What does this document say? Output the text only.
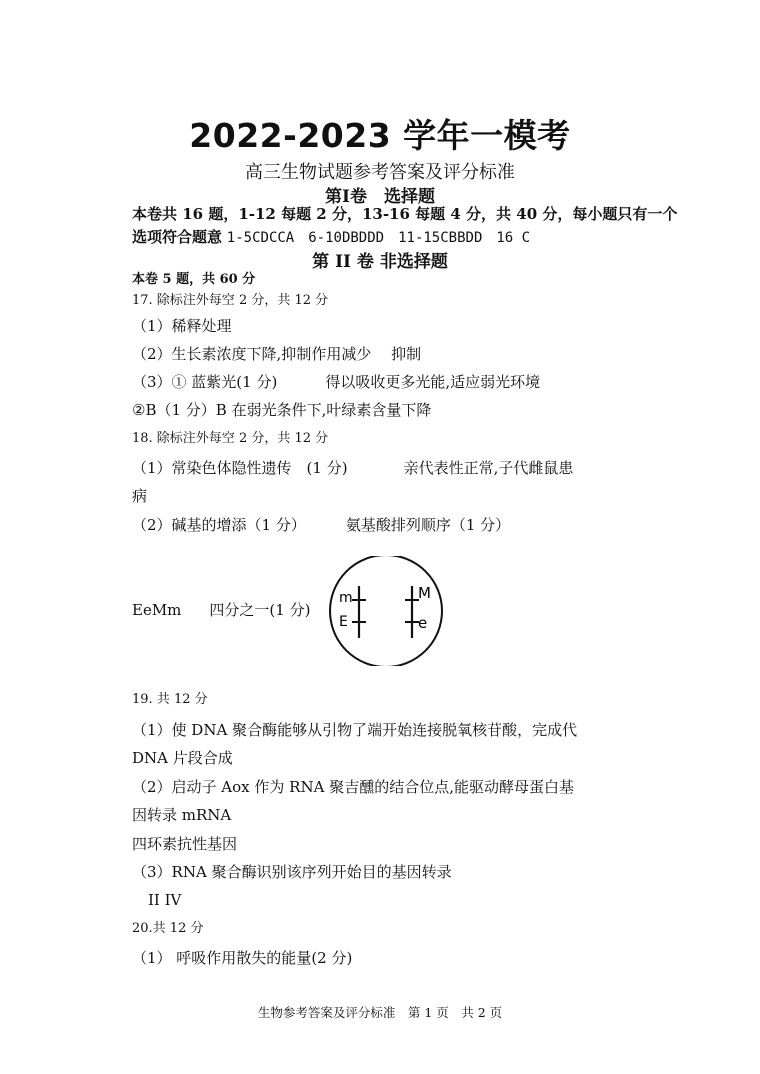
2022-2023 学年一模考
高三生物试题参考答案及评分标准
第Ⅰ卷　选择题
本卷共 16 题，1-12 每题 2 分，13-16 每题 4 分，共 40 分，每小题只有一个
选项符合题意 1-5CDCCA　6-10DBDDD　11-15CBBDD　16 C
第 II 卷 非选择题
本卷 5 题，共 60 分
17. 除标注外每空 2 分，共 12 分
（1）稀释处理
（2）生长素浓度下降,抑制作用减少　 抑制
（3）① 蓝紫光(1 分)	得以吸收更多光能,适应弱光环境
②B（1 分）B 在弱光条件下,叶绿素含量下降
18. 除标注外每空 2 分，共 12 分
（1）常染色体隐性遗传　(1 分)	亲代表性正常,子代雌鼠患
病
（2）碱基的增添（1 分）	氨基酸排列顺序（1 分）
EeMm 四分之一(1 分)
m
E
M
e
19. 共 12 分
（1）使 DNA 聚合酶能够从引物了端开始连接脱氧核苷酸，完成代
DNA 片段合成
（2）启动子 Aox 作为 RNA 聚吉醺的结合位点,能驱动酵母蛋白基
因转录 mRNA
四环素抗性基因
（3）RNA 聚合酶识别该序列开始目的基因转录
II IV
20.共 12 分
（1） 呼吸作用散失的能量(2 分)
生物参考答案及评分标准　第 1 页　共 2 页
